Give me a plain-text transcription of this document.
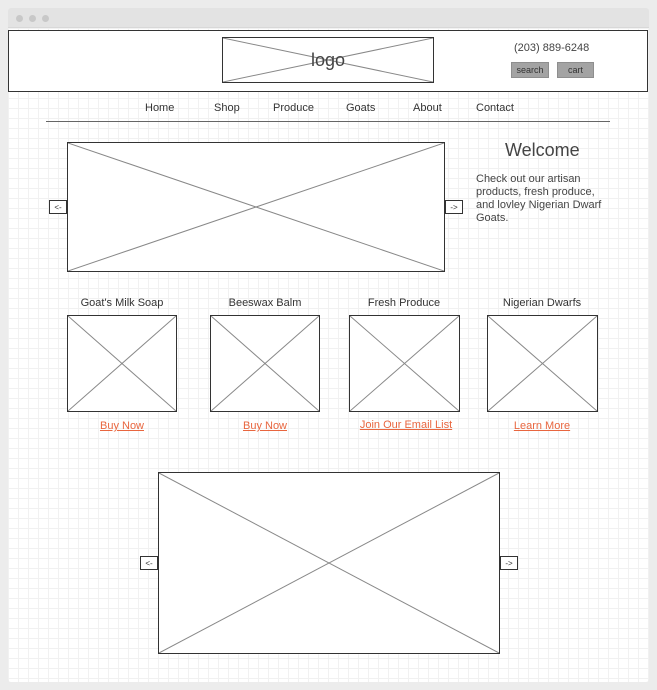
logo
(203) 889-6248
search	cart
Home	Shop	Produce	Goats	About	Contact
<-	->
Welcome
Check out our artisan products, fresh produce, and lovley Nigerian Dwarf Goats.
Goat's Milk Soap
Buy Now
Beeswax Balm
Buy Now
Fresh Produce
Join Our Email List
Nigerian Dwarfs
Learn More
<-	->
